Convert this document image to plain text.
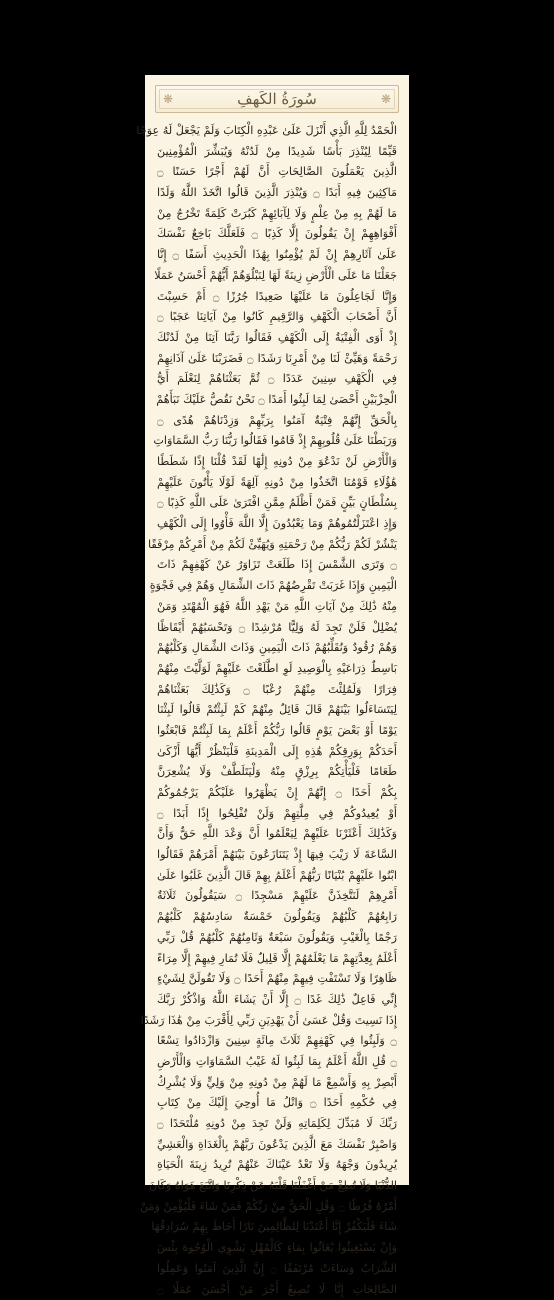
❋	❋
سُورَةُ الكَهفِ
الْحَمْدُ لِلَّهِ الَّذِي أَنْزَلَ عَلَىٰ عَبْدِهِ الْكِتَابَ وَلَمْ يَجْعَلْ لَهُ عِوَجًا
قَيِّمًا لِيُنْذِرَ بَأْسًا شَدِيدًا مِنْ لَدُنْهُ وَيُبَشِّرَ الْمُؤْمِنِينَ
الَّذِينَ يَعْمَلُونَ الصَّالِحَاتِ أَنَّ لَهُمْ أَجْرًا حَسَنًا ۝
مَاكِثِينَ فِيهِ أَبَدًا ۝ وَيُنْذِرَ الَّذِينَ قَالُوا اتَّخَذَ اللَّهُ وَلَدًا
مَا لَهُمْ بِهِ مِنْ عِلْمٍ وَلَا لِآبَائِهِمْ كَبُرَتْ كَلِمَةً تَخْرُجُ مِنْ
أَفْوَاهِهِمْ إِنْ يَقُولُونَ إِلَّا كَذِبًا ۝ فَلَعَلَّكَ بَاخِعٌ نَفْسَكَ
عَلَىٰ آثَارِهِمْ إِنْ لَمْ يُؤْمِنُوا بِهَٰذَا الْحَدِيثِ أَسَفًا ۝ إِنَّا
جَعَلْنَا مَا عَلَى الْأَرْضِ زِينَةً لَهَا لِنَبْلُوَهُمْ أَيُّهُمْ أَحْسَنُ عَمَلًا
وَإِنَّا لَجَاعِلُونَ مَا عَلَيْهَا صَعِيدًا جُرُزًا ۝ أَمْ حَسِبْتَ
أَنَّ أَصْحَابَ الْكَهْفِ وَالرَّقِيمِ كَانُوا مِنْ آيَاتِنَا عَجَبًا ۝
إِذْ أَوَى الْفِتْيَةُ إِلَى الْكَهْفِ فَقَالُوا رَبَّنَا آتِنَا مِنْ لَدُنْكَ
رَحْمَةً وَهَيِّئْ لَنَا مِنْ أَمْرِنَا رَشَدًا ۝ فَضَرَبْنَا عَلَىٰ آذَانِهِمْ
فِي الْكَهْفِ سِنِينَ عَدَدًا ۝ ثُمَّ بَعَثْنَاهُمْ لِنَعْلَمَ أَيُّ
الْحِزْبَيْنِ أَحْصَىٰ لِمَا لَبِثُوا أَمَدًا ۝ نَحْنُ نَقُصُّ عَلَيْكَ نَبَأَهُمْ
بِالْحَقِّ إِنَّهُمْ فِتْيَةٌ آمَنُوا بِرَبِّهِمْ وَزِدْنَاهُمْ هُدًى ۝
وَرَبَطْنَا عَلَىٰ قُلُوبِهِمْ إِذْ قَامُوا فَقَالُوا رَبُّنَا رَبُّ السَّمَاوَاتِ
وَالْأَرْضِ لَنْ نَدْعُوَ مِنْ دُونِهِ إِلَٰهًا لَقَدْ قُلْنَا إِذًا شَطَطًا
هَٰؤُلَاءِ قَوْمُنَا اتَّخَذُوا مِنْ دُونِهِ آلِهَةً لَوْلَا يَأْتُونَ عَلَيْهِمْ
بِسُلْطَانٍ بَيِّنٍ فَمَنْ أَظْلَمُ مِمَّنِ افْتَرَىٰ عَلَى اللَّهِ كَذِبًا ۝
وَإِذِ اعْتَزَلْتُمُوهُمْ وَمَا يَعْبُدُونَ إِلَّا اللَّهَ فَأْوُوا إِلَى الْكَهْفِ
يَنْشُرْ لَكُمْ رَبُّكُمْ مِنْ رَحْمَتِهِ وَيُهَيِّئْ لَكُمْ مِنْ أَمْرِكُمْ مِرْفَقًا
۝ وَتَرَى الشَّمْسَ إِذَا طَلَعَتْ تَزَاوَرُ عَنْ كَهْفِهِمْ ذَاتَ
الْيَمِينِ وَإِذَا غَرَبَتْ تَقْرِضُهُمْ ذَاتَ الشِّمَالِ وَهُمْ فِي فَجْوَةٍ
مِنْهُ ذَٰلِكَ مِنْ آيَاتِ اللَّهِ مَنْ يَهْدِ اللَّهُ فَهُوَ الْمُهْتَدِ وَمَنْ
يُضْلِلْ فَلَنْ تَجِدَ لَهُ وَلِيًّا مُرْشِدًا ۝ وَتَحْسَبُهُمْ أَيْقَاظًا
وَهُمْ رُقُودٌ وَنُقَلِّبُهُمْ ذَاتَ الْيَمِينِ وَذَاتَ الشِّمَالِ وَكَلْبُهُمْ
بَاسِطٌ ذِرَاعَيْهِ بِالْوَصِيدِ لَوِ اطَّلَعْتَ عَلَيْهِمْ لَوَلَّيْتَ مِنْهُمْ
فِرَارًا وَلَمُلِئْتَ مِنْهُمْ رُعْبًا ۝ وَكَذَٰلِكَ بَعَثْنَاهُمْ
لِيَتَسَاءَلُوا بَيْنَهُمْ قَالَ قَائِلٌ مِنْهُمْ كَمْ لَبِثْتُمْ قَالُوا لَبِثْنَا
يَوْمًا أَوْ بَعْضَ يَوْمٍ قَالُوا رَبُّكُمْ أَعْلَمُ بِمَا لَبِثْتُمْ فَابْعَثُوا
أَحَدَكُمْ بِوَرِقِكُمْ هَٰذِهِ إِلَى الْمَدِينَةِ فَلْيَنْظُرْ أَيُّهَا أَزْكَىٰ
طَعَامًا فَلْيَأْتِكُمْ بِرِزْقٍ مِنْهُ وَلْيَتَلَطَّفْ وَلَا يُشْعِرَنَّ
بِكُمْ أَحَدًا ۝ إِنَّهُمْ إِنْ يَظْهَرُوا عَلَيْكُمْ يَرْجُمُوكُمْ
أَوْ يُعِيدُوكُمْ فِي مِلَّتِهِمْ وَلَنْ تُفْلِحُوا إِذًا أَبَدًا ۝
وَكَذَٰلِكَ أَعْثَرْنَا عَلَيْهِمْ لِيَعْلَمُوا أَنَّ وَعْدَ اللَّهِ حَقٌّ وَأَنَّ
السَّاعَةَ لَا رَيْبَ فِيهَا إِذْ يَتَنَازَعُونَ بَيْنَهُمْ أَمْرَهُمْ فَقَالُوا
ابْنُوا عَلَيْهِمْ بُنْيَانًا رَبُّهُمْ أَعْلَمُ بِهِمْ قَالَ الَّذِينَ غَلَبُوا عَلَىٰ
أَمْرِهِمْ لَنَتَّخِذَنَّ عَلَيْهِمْ مَسْجِدًا ۝ سَيَقُولُونَ ثَلَاثَةٌ
رَابِعُهُمْ كَلْبُهُمْ وَيَقُولُونَ خَمْسَةٌ سَادِسُهُمْ كَلْبُهُمْ
رَجْمًا بِالْغَيْبِ وَيَقُولُونَ سَبْعَةٌ وَثَامِنُهُمْ كَلْبُهُمْ قُلْ رَبِّي
أَعْلَمُ بِعِدَّتِهِمْ مَا يَعْلَمُهُمْ إِلَّا قَلِيلٌ فَلَا تُمَارِ فِيهِمْ إِلَّا مِرَاءً
ظَاهِرًا وَلَا تَسْتَفْتِ فِيهِمْ مِنْهُمْ أَحَدًا ۝ وَلَا تَقُولَنَّ لِشَيْءٍ
إِنِّي فَاعِلٌ ذَٰلِكَ غَدًا ۝ إِلَّا أَنْ يَشَاءَ اللَّهُ وَاذْكُرْ رَبَّكَ
إِذَا نَسِيتَ وَقُلْ عَسَىٰ أَنْ يَهْدِيَنِ رَبِّي لِأَقْرَبَ مِنْ هَٰذَا رَشَدًا
۝ وَلَبِثُوا فِي كَهْفِهِمْ ثَلَاثَ مِائَةٍ سِنِينَ وَازْدَادُوا تِسْعًا
۝ قُلِ اللَّهُ أَعْلَمُ بِمَا لَبِثُوا لَهُ غَيْبُ السَّمَاوَاتِ وَالْأَرْضِ
أَبْصِرْ بِهِ وَأَسْمِعْ مَا لَهُمْ مِنْ دُونِهِ مِنْ وَلِيٍّ وَلَا يُشْرِكُ
فِي حُكْمِهِ أَحَدًا ۝ وَاتْلُ مَا أُوحِيَ إِلَيْكَ مِنْ كِتَابِ
رَبِّكَ لَا مُبَدِّلَ لِكَلِمَاتِهِ وَلَنْ تَجِدَ مِنْ دُونِهِ مُلْتَحَدًا ۝
وَاصْبِرْ نَفْسَكَ مَعَ الَّذِينَ يَدْعُونَ رَبَّهُمْ بِالْغَدَاةِ وَالْعَشِيِّ
يُرِيدُونَ وَجْهَهُ وَلَا تَعْدُ عَيْنَاكَ عَنْهُمْ تُرِيدُ زِينَةَ الْحَيَاةِ
الدُّنْيَا وَلَا تُطِعْ مَنْ أَغْفَلْنَا قَلْبَهُ عَنْ ذِكْرِنَا وَاتَّبَعَ هَوَاهُ وَكَانَ
أَمْرُهُ فُرُطًا ۝ وَقُلِ الْحَقُّ مِنْ رَبِّكُمْ فَمَنْ شَاءَ فَلْيُؤْمِنْ وَمَنْ
شَاءَ فَلْيَكْفُرْ إِنَّا أَعْتَدْنَا لِلظَّالِمِينَ نَارًا أَحَاطَ بِهِمْ سُرَادِقُهَا
وَإِنْ يَسْتَغِيثُوا يُغَاثُوا بِمَاءٍ كَالْمُهْلِ يَشْوِي الْوُجُوهَ بِئْسَ
الشَّرَابُ وَسَاءَتْ مُرْتَفَقًا ۝ إِنَّ الَّذِينَ آمَنُوا وَعَمِلُوا
الصَّالِحَاتِ إِنَّا لَا نُضِيعُ أَجْرَ مَنْ أَحْسَنَ عَمَلًا ۝
